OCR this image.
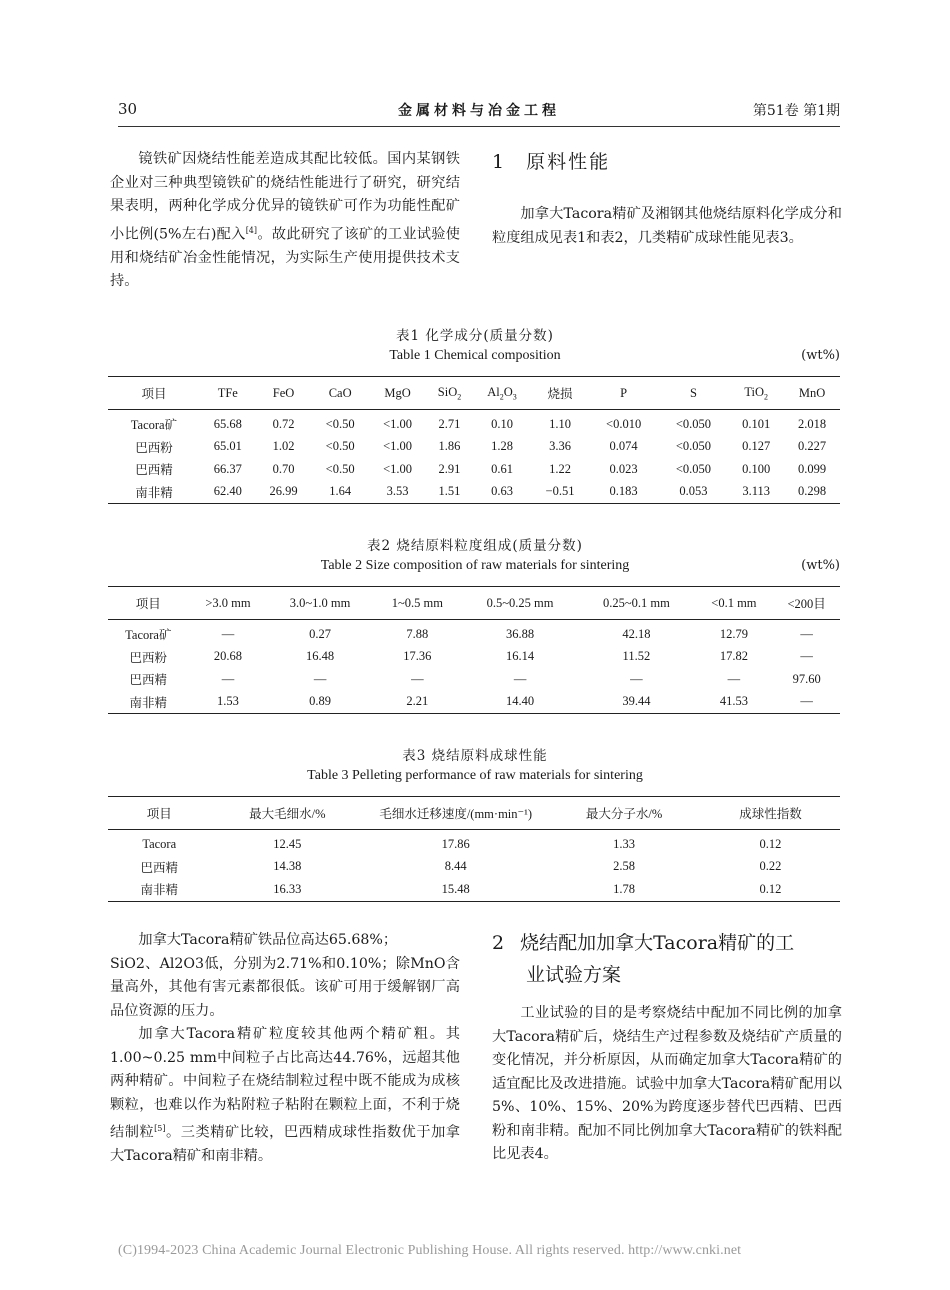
30	金属材料与冶金工程	第51卷 第1期

镜铁矿因烧结性能差造成其配比较低。国内某钢铁企业对三种典型镜铁矿的烧结性能进行了研究，研究结果表明，两种化学成分优异的镜铁矿可作为功能性配矿小比例(5%左右)配入[4]。故此研究了该矿的工业试验使用和烧结矿冶金性能情况，为实际生产使用提供技术支持。

1 原料性能

加拿大Tacora精矿及湘钢其他烧结原料化学成分和粒度组成见表1和表2，几类精矿成球性能见表3。

表1 化学成分(质量分数)
Table 1 Chemical composition	(wt%)
项目	TFe	FeO	CaO	MgO	SiO$_2$	$Al_2O_3$	烧损	P	S	TiO$_2$	MnO
Tacora矿	65.68	0.72	<0.50	<1.00	2.71	0.10	1.10	<0.010	<0.050	0.101	2.018
巴西粉	65.01	1.02	<0.50	<1.00	1.86	1.28	3.36	0.074	<0.050	0.127	0.227
巴西精	66.37	0.70	<0.50	<1.00	2.91	0.61	1.22	0.023	<0.050	0.100	0.099
南非精	62.40	26.99	1.64	3.53	1.51	0.63	−0.51	0.183	0.053	3.113	0.298
表2 烧结原料粒度组成(质量分数)
Table 2 Size composition of raw materials for sintering	(wt%)
项目	>3.0 mm	3.0~1.0 mm	1~0.5 mm	0.5~0.25 mm	0.25~0.1 mm	<0.1 mm	<200目
Tacora矿	—	0.27	7.88	36.88	42.18	12.79	—
巴西粉	20.68	16.48	17.36	16.14	11.52	17.82	—
巴西精	—	—	—	—	—	—	97.60
南非精	1.53	0.89	2.21	14.40	39.44	41.53	—
表3 烧结原料成球性能
Table 3 Pelleting performance of raw materials for sintering
项目	最大毛细水/%	毛细水迁移速度/(mm·min⁻¹)	最大分子水/%	成球性指数
Tacora	12.45	17.86	1.33	0.12
巴西精	14.38	8.44	2.58	0.22
南非精	16.33	15.48	1.78	0.12

加拿大Tacora精矿铁品位高达65.68%；

SiO2、Al2O3低，分别为2.71%和0.10%；除MnO含量高外，其他有害元素都很低。该矿可用于缓解钢厂高品位资源的压力。

加拿大Tacora精矿粒度较其他两个精矿粗。其1.00~0.25 mm中间粒子占比高达44.76%，远超其他两种精矿。中间粒子在烧结制粒过程中既不能成为成核颗粒，也难以作为粘附粒子粘附在颗粒上面，不利于烧结制粒[5]。三类精矿比较，巴西精成球性指数优于加拿大Tacora精矿和南非精。

2 烧结配加加拿大Tacora精矿的工
业试验方案

工业试验的目的是考察烧结中配加不同比例的加拿大Tacora精矿后，烧结生产过程参数及烧结矿产质量的变化情况，并分析原因，从而确定加拿大Tacora精矿的适宜配比及改进措施。试验中加拿大Tacora精矿配用以5%、10%、15%、20%为跨度逐步替代巴西精、巴西粉和南非精。配加不同比例加拿大Tacora精矿的铁料配比见表4。

(C)1994-2023 China Academic Journal Electronic Publishing House. All rights reserved. http://www.cnki.net
